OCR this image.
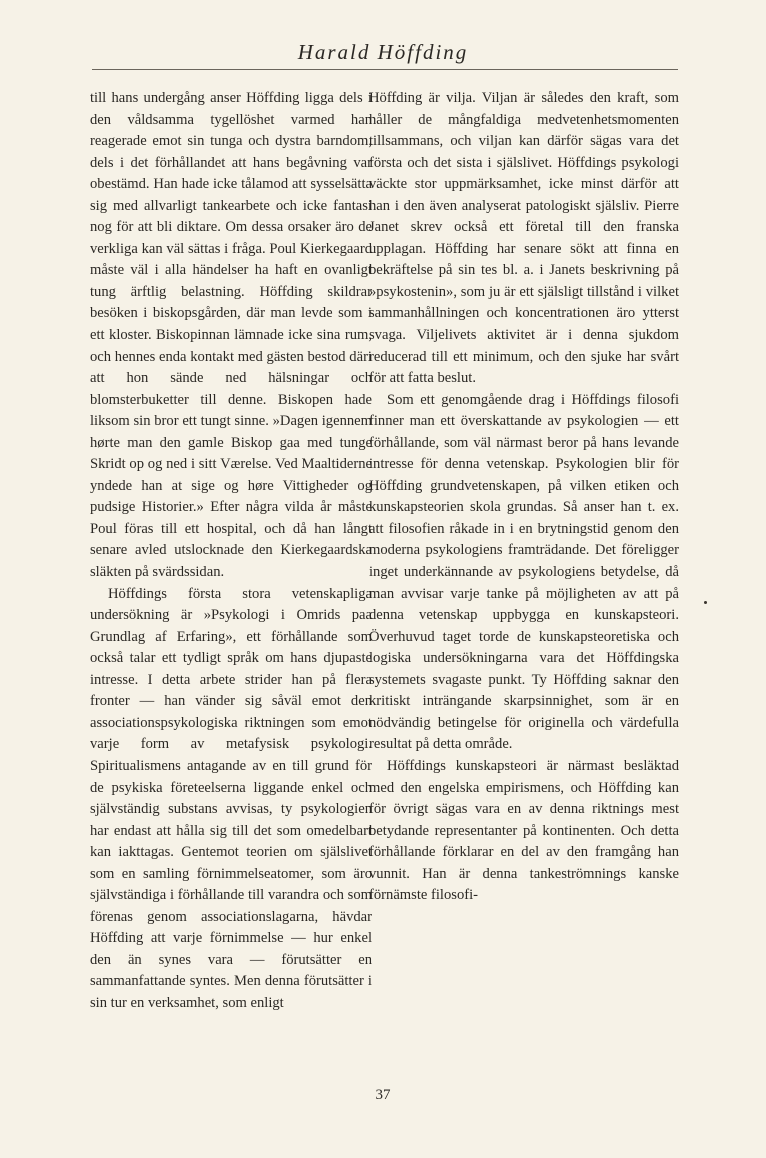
Harald Höffding

till hans undergång anser Höffding ligga dels i den våldsamma tygellöshet varmed han reagerade emot sin tunga och dystra barndom, dels i det förhållandet att hans begåvning var obestämd. Han hade icke tålamod att sysselsätta sig med allvarligt tankearbete och icke fantasi nog för att bli diktare. Om dessa orsaker äro de verkliga kan väl sättas i fråga. Poul Kierkegaard måste väl i alla händelser ha haft en ovanligt tung ärftlig belastning. Höffding skildrar besöken i biskopsgården, där man levde som i ett kloster. Biskopinnan lämnade icke sina rum, och hennes enda kontakt med gästen bestod däri att hon sände ned hälsningar och blomsterbuketter till denne. Biskopen hade liksom sin bror ett tungt sinne. »Dagen igennem hørte man den gamle Biskop gaa med tunge Skridt op og ned i sitt Værelse. Ved Maaltiderne yndede han at sige og høre Vittigheder og pudsige Historier.» Efter några vilda år måste Poul föras till ett hospital, och då han långt senare avled utslocknade den Kierkegaardska släkten på svärdssidan.

Höffdings första stora vetenskapliga undersökning är »Psykologi i Omrids paa Grundlag af Erfaring», ett förhållande som också talar ett tydligt språk om hans djupaste intresse. I detta arbete strider han på flera fronter — han vänder sig såväl emot den associationspsykologiska riktningen som emot varje form av metafysisk psykologi. Spiritualismens antagande av en till grund för de psykiska företeelserna liggande enkel och självständig substans avvisas, ty psykologien har endast att hålla sig till det som omedelbart kan iakttagas. Gentemot teorien om själslivet som en samling förnimmelseatomer, som äro självständiga i förhållande till varandra och som förenas genom associationslagarna, hävdar Höffding att varje förnimmelse — hur enkel den än synes vara — förutsätter en sammanfattande syntes. Men denna förutsätter i sin tur en verksamhet, som enligt

Höffding är vilja. Viljan är således den kraft, som håller de mångfaldiga medvetenhetsmomenten tillsammans, och viljan kan därför sägas vara det första och det sista i själslivet. Höffdings psykologi väckte stor uppmärksamhet, icke minst därför att han i den även analyserat patologiskt själsliv. Pierre Janet skrev också ett företal till den franska upplagan. Höffding har senare sökt att finna en bekräftelse på sin tes bl. a. i Janets beskrivning på »psykostenin», som ju är ett själsligt tillstånd i vilket sammanhållningen och koncentrationen äro ytterst svaga. Viljelivets aktivitet är i denna sjukdom reducerad till ett minimum, och den sjuke har svårt för att fatta beslut.

Som ett genomgående drag i Höffdings filosofi finner man ett överskattande av psykologien — ett förhållande, som väl närmast beror på hans levande intresse för denna vetenskap. Psykologien blir för Höffding grundvetenskapen, på vilken etiken och kunskapsteorien skola grundas. Så anser han t. ex. att filosofien råkade in i en brytningstid genom den moderna psykologiens framträdande. Det föreligger inget underkännande av psykologiens betydelse, då man avvisar varje tanke på möjligheten av att på denna vetenskap uppbygga en kunskapsteori. Överhuvud taget torde de kunskapsteoretiska och logiska undersökningarna vara det Höffdingska systemets svagaste punkt. Ty Höffding saknar den kritiskt inträngande skarpsinnighet, som är en nödvändig betingelse för originella och värdefulla resultat på detta område.

Höffdings kunskapsteori är närmast besläktad med den engelska empirismens, och Höffding kan för övrigt sägas vara en av denna riktnings mest betydande representanter på kontinenten. Och detta förhållande förklarar en del av den framgång han vunnit. Han är denna tankeströmnings kanske förnämste filosofi-

37
